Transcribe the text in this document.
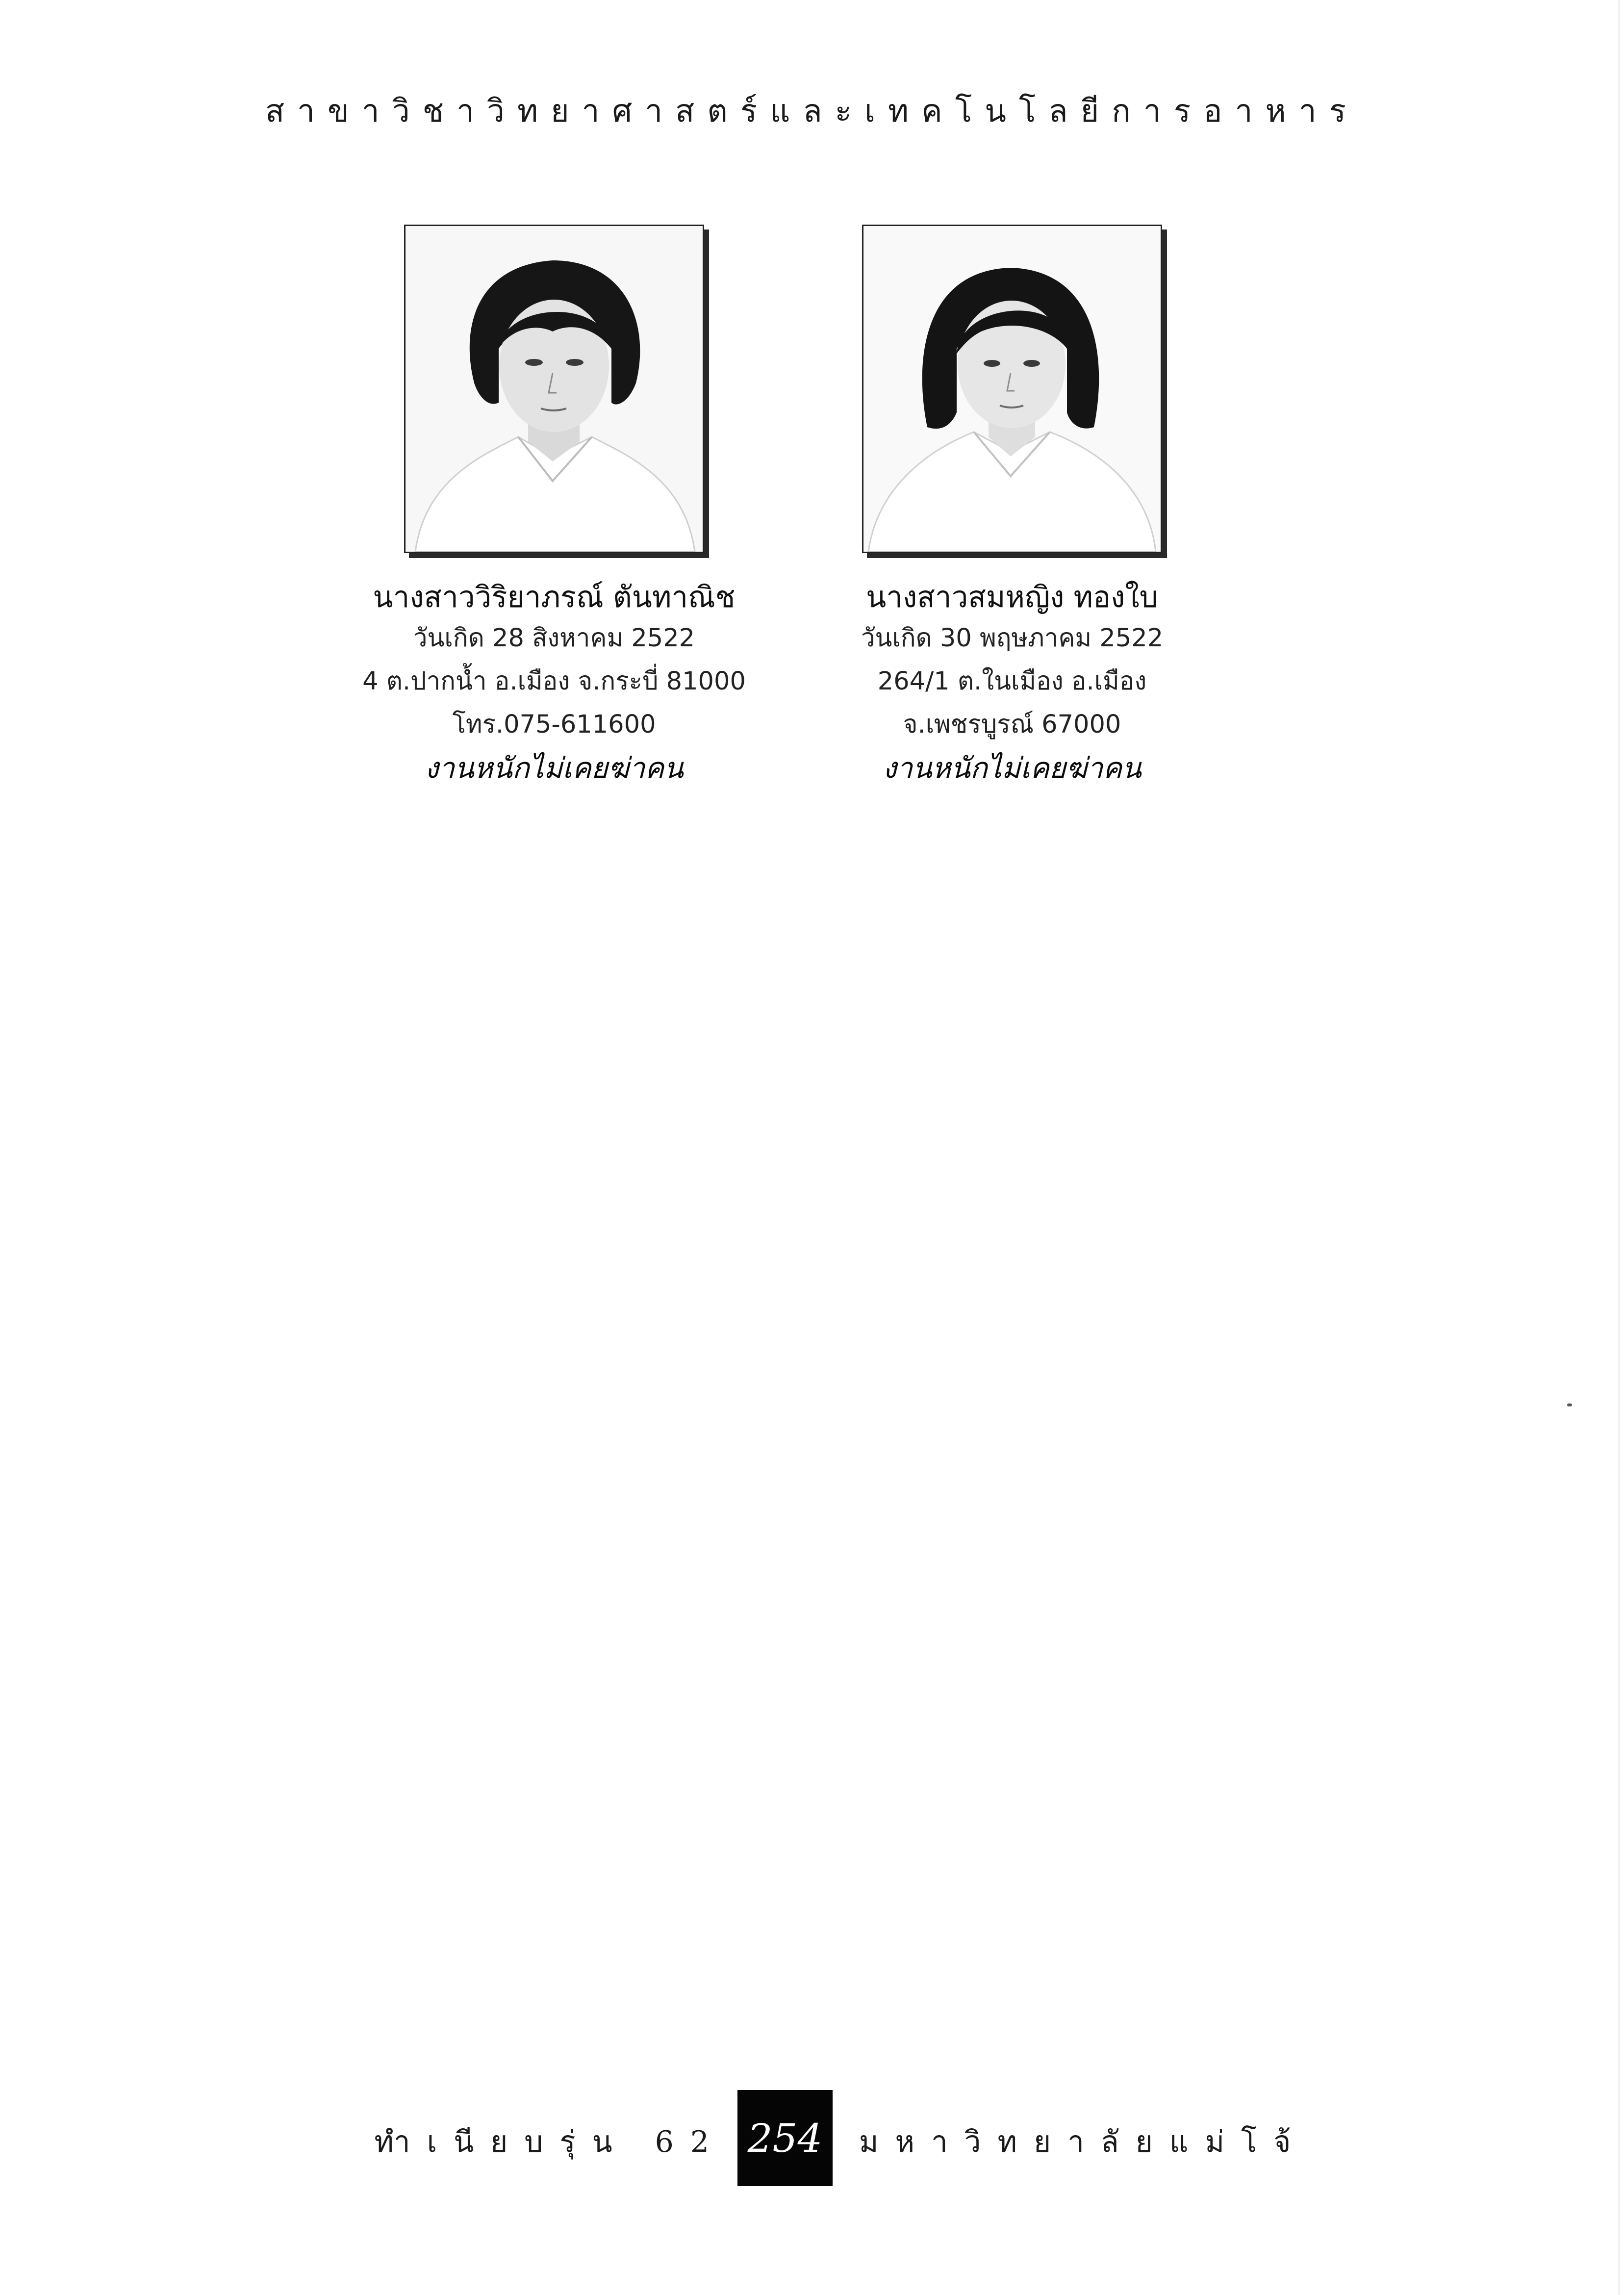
สาขาวิชาวิทยาศาสตร์และเทคโนโลยีการอาหาร
นางสาววิริยาภรณ์ ตันทาณิช
วันเกิด 28 สิงหาคม 2522
4 ต.ปากน้ำ อ.เมือง จ.กระบี่ 81000
โทร.075-611600
งานหนักไม่เคยฆ่าคน
นางสาวสมหญิง ทองใบ
วันเกิด 30 พฤษภาคม 2522
264/1 ต.ในเมือง อ.เมือง
จ.เพชรบูรณ์ 67000
งานหนักไม่เคยฆ่าคน
ทำเนียบรุ่น 62 254	มหาวิทยาลัยแม่โจ้
